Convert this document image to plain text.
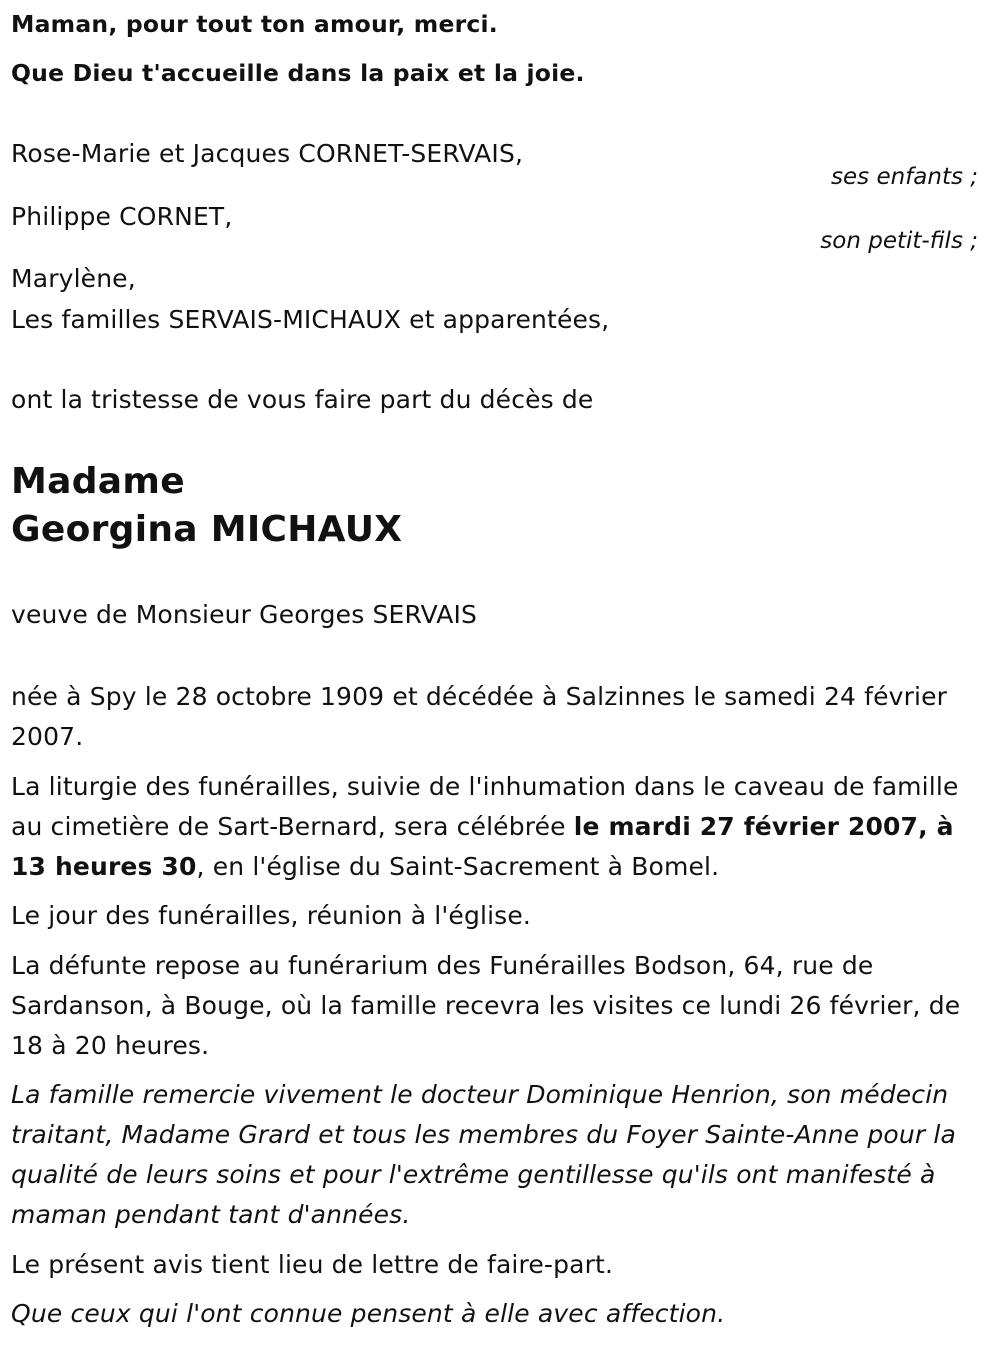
Maman, pour tout ton amour, merci.
Que Dieu t'accueille dans la paix et la joie.
Rose-Marie et Jacques CORNET-SERVAIS,
ses enfants ;
Philippe CORNET,
son petit-fils ;
Marylène,
Les familles SERVAIS-MICHAUX et apparentées,
ont la tristesse de vous faire part du décès de
Madame
Georgina MICHAUX
veuve de Monsieur Georges SERVAIS
née à Spy le 28 octobre 1909 et décédée à Salzinnes le samedi 24 février 2007.
La liturgie des funérailles, suivie de l'inhumation dans le caveau de famille au cimetière de Sart-Bernard, sera célébrée le mardi 27 février 2007, à 13 heures 30, en l'église du Saint-Sacrement à Bomel.
Le jour des funérailles, réunion à l'église.
La défunte repose au funérarium des Funérailles Bodson, 64, rue de Sardanson, à Bouge, où la famille recevra les visites ce lundi 26 février, de 18 à 20 heures.
La famille remercie vivement le docteur Dominique Henrion, son médecin traitant, Madame Grard et tous les membres du Foyer Sainte-Anne pour la qualité de leurs soins et pour l'extrême gentillesse qu'ils ont manifesté à maman pendant tant d'années.
Le présent avis tient lieu de lettre de faire-part.
Que ceux qui l'ont connue pensent à elle avec affection.
